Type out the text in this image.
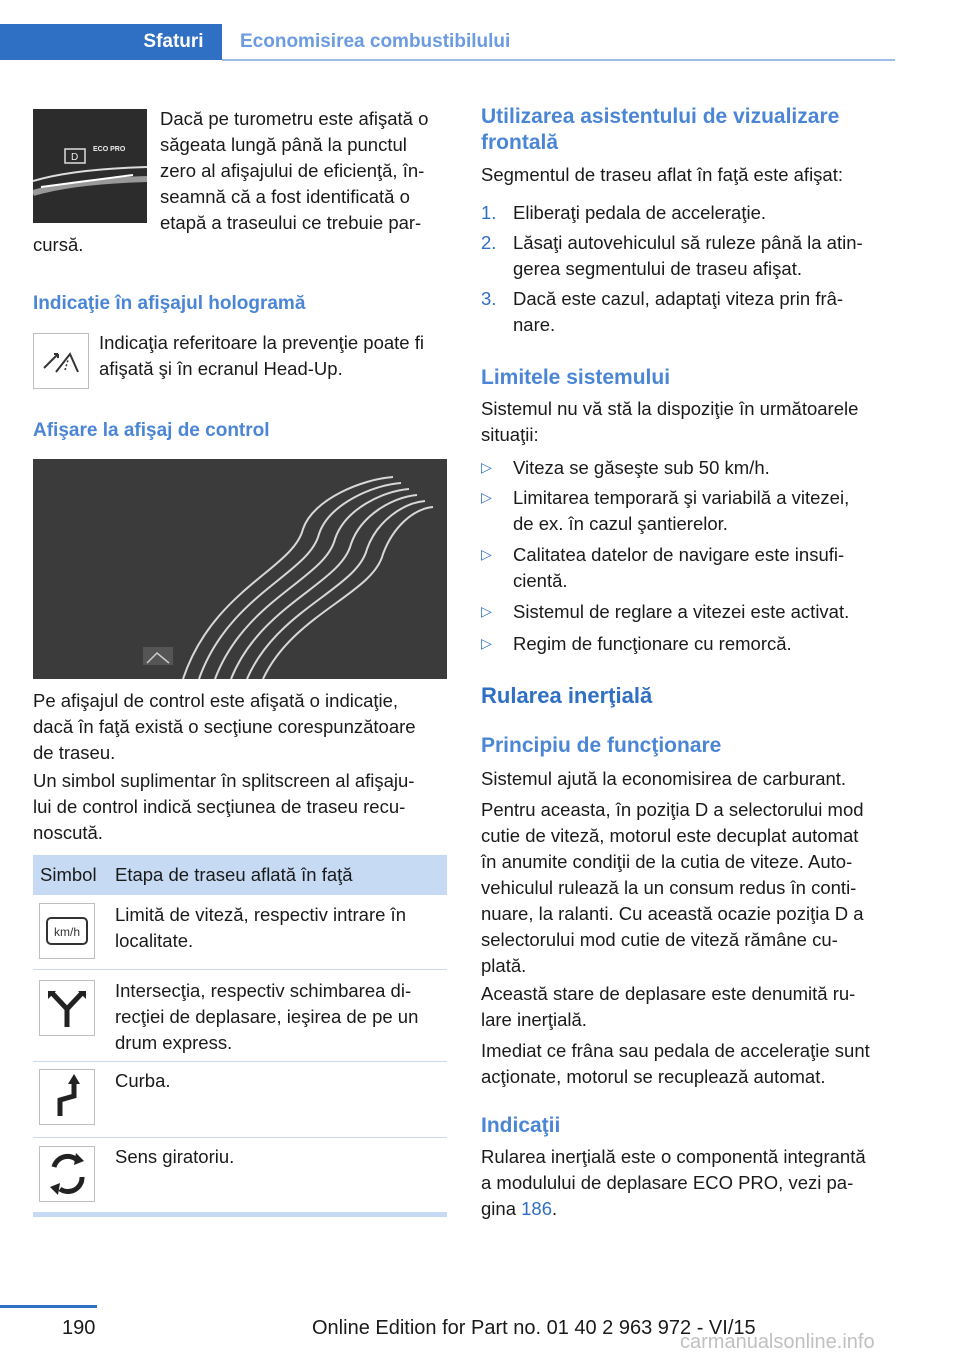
Sfaturi	Economisirea combustibilului
D
ECO PRO

Dacă pe turometru este afişată o

săgeata lungă până la punctul

zero al afişajului de eficienţă, în‐

seamnă că a fost identificată o

etapă a traseului ce trebuie par‐

cursă.

Indicaţie în afişajul hologramă

Indicaţia referitoare la prevenţie poate fi

afişată şi în ecranul Head-Up.

Afişare la afişaj de control

Pe afişajul de control este afişată o indicaţie,

dacă în faţă există o secţiune corespunzătoare

de traseu.

Un simbol suplimentar în splitscreen al afişaju‐

lui de control indică secţiunea de traseu recu‐

noscută.

Simbol Etapa de traseu aflată în faţă
km/h

Limită de viteză, respectiv intrare în

localitate.

Intersecţia, respectiv schimbarea di‐

recţiei de deplasare, ieşirea de pe un

drum express.

Curba.

Sens giratoriu.

Utilizarea asistentului de vizualizare
frontală

Segmentul de traseu aflat în faţă este afişat:

1. Eliberaţi pedala de acceleraţie.
2. Lăsaţi autovehiculul să ruleze până la atin‐

gerea segmentului de traseu afişat.

3. Dacă este cazul, adaptaţi viteza prin frâ‐

nare.

Limitele sistemului

Sistemul nu vă stă la dispoziţie în următoarele

situaţii:

▷ Viteza se găseşte sub 50 km/h.
▷ Limitarea temporară şi variabilă a vitezei,

de ex. în cazul şantierelor.

▷ Calitatea datelor de navigare este insufi‐

cientă.

▷ Sistemul de reglare a vitezei este activat.
▷ Regim de funcţionare cu remorcă.
Rularea inerţială
Principiu de funcţionare

Sistemul ajută la economisirea de carburant.

Pentru aceasta, în poziţia D a selectorului mod

cutie de viteză, motorul este decuplat automat

în anumite condiţii de la cutia de viteze. Auto‐

vehiculul rulează la un consum redus în conti‐

nuare, la ralanti. Cu această ocazie poziţia D a

selectorului mod cutie de viteză rămâne cu‐

plată.

Această stare de deplasare este denumită ru‐

lare inerţială.

Imediat ce frâna sau pedala de acceleraţie sunt

acţionate, motorul se recuplează automat.

Indicaţii

Rularea inerţială este o componentă integrantă

a modulului de deplasare ECO PRO, vezi pa‐

gina 186.

190	Online Edition for Part no. 01 40 2 963 972 - VI/15
carmanualsonline.info
